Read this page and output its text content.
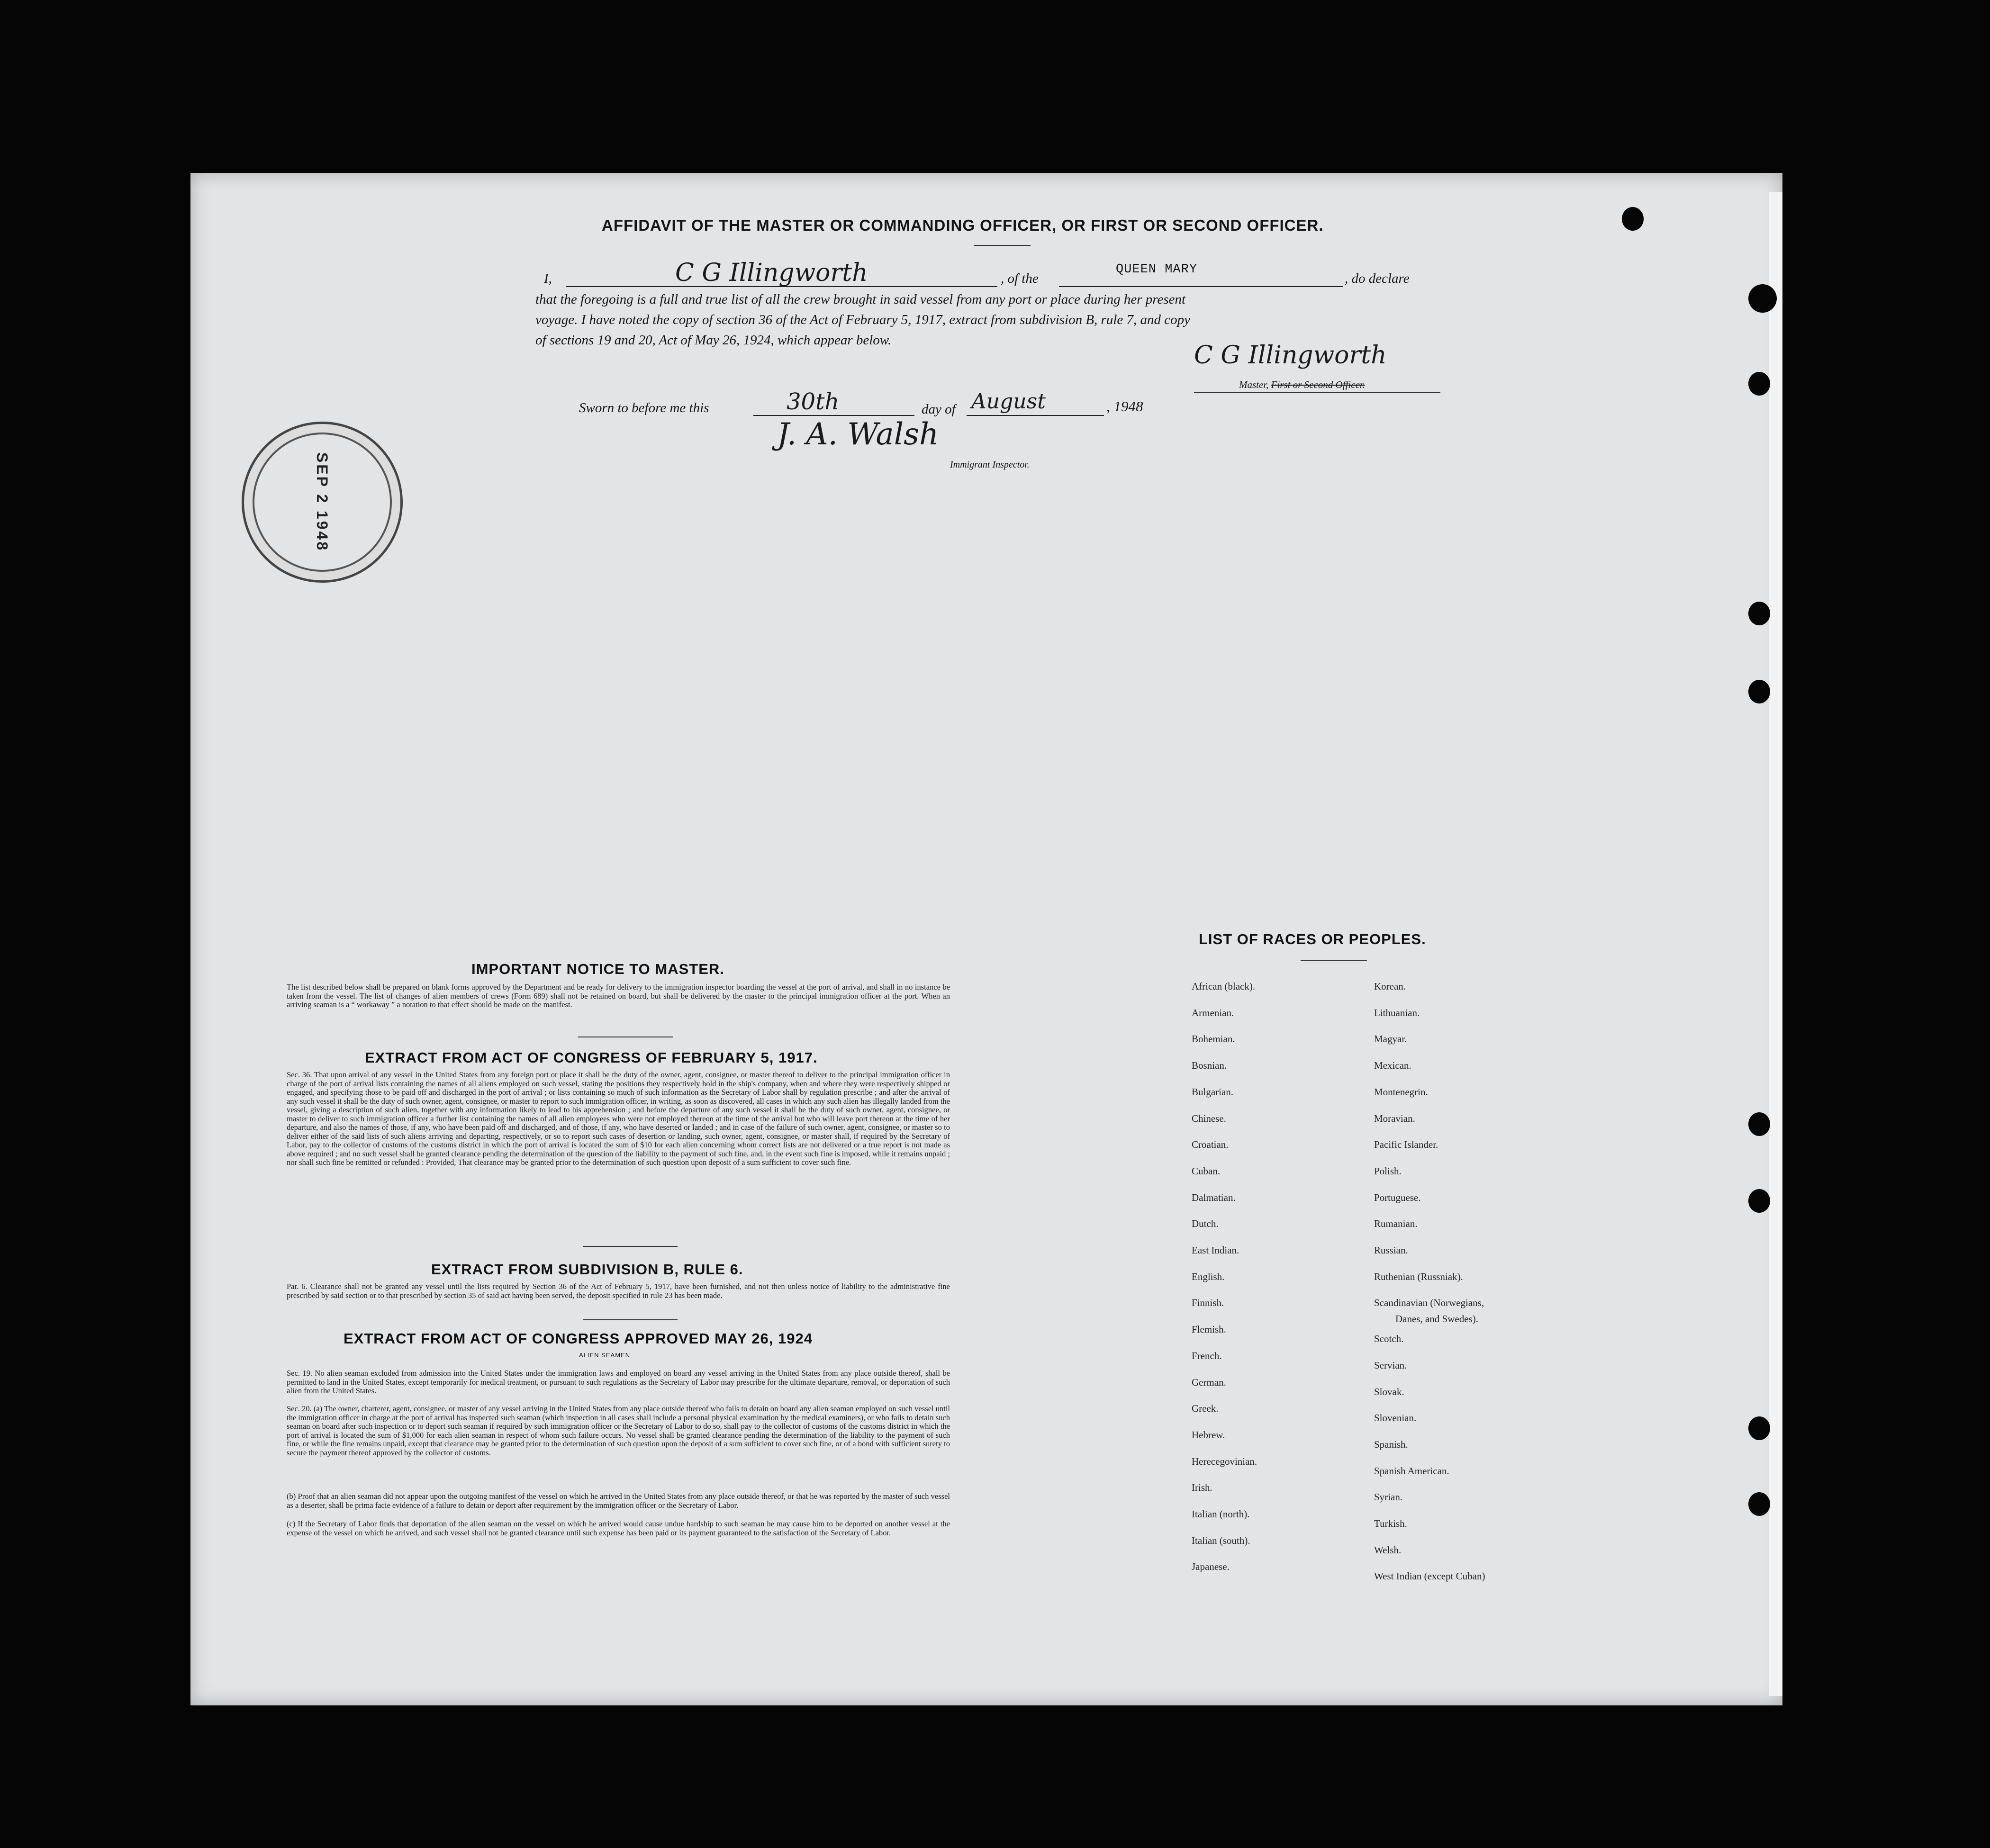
AFFIDAVIT OF THE MASTER OR COMMANDING OFFICER, OR FIRST OR SECOND OFFICER.
I,	C G Illingworth	, of the
QUEEN MARY
, do declare
that the foregoing is a full and true list of all the crew brought in said vessel from any port or place during her present
voyage. I have noted the copy of section 36 of the Act of February 5, 1917, extract from subdivision B, rule 7, and copy
of sections 19 and 20, Act of May 26, 1924, which appear below.
C G Illingworth
Master, First or Second Officer.
Sworn to before me this	30th	day of August	, 1948
J. A. Walsh
Immigrant Inspector.
SEP 2 1948
IMPORTANT NOTICE TO MASTER.
The list described below shall be prepared on blank forms approved by the Department and be ready for delivery to the immigration inspector boarding the vessel at the port of arrival, and shall in no instance be taken from the vessel. The list of changes of alien members of crews (Form 689) shall not be retained on board, but shall be delivered by the master to the principal immigration officer at the port. When an arriving seaman is a “ workaway ” a notation to that effect should be made on the manifest.
EXTRACT FROM ACT OF CONGRESS OF FEBRUARY 5, 1917.
Sec. 36. That upon arrival of any vessel in the United States from any foreign port or place it shall be the duty of the owner, agent, consignee, or master thereof to deliver to the principal immigration officer in charge of the port of arrival lists containing the names of all aliens employed on such vessel, stating the positions they respectively hold in the ship's company, when and where they were respectively shipped or engaged, and specifying those to be paid off and discharged in the port of arrival ; or lists containing so much of such information as the Secretary of Labor shall by regulation prescribe ; and after the arrival of any such vessel it shall be the duty of such owner, agent, consignee, or master to report to such immigration officer, in writing, as soon as discovered, all cases in which any such alien has illegally landed from the vessel, giving a description of such alien, together with any information likely to lead to his apprehension ; and before the departure of any such vessel it shall be the duty of such owner, agent, consignee, or master to deliver to such immigration officer a further list containing the names of all alien employees who were not employed thereon at the time of the arrival but who will leave port thereon at the time of her departure, and also the names of those, if any, who have been paid off and discharged, and of those, if any, who have deserted or landed ; and in case of the failure of such owner, agent, consignee, or master so to deliver either of the said lists of such aliens arriving and departing, respectively, or so to report such cases of desertion or landing, such owner, agent, consignee, or master shall, if required by the Secretary of Labor, pay to the collector of customs of the customs district in which the port of arrival is located the sum of $10 for each alien concerning whom correct lists are not delivered or a true report is not made as above required ; and no such vessel shall be granted clearance pending the determination of the question of the liability to the payment of such fine, and, in the event such fine is imposed, while it remains unpaid ; nor shall such fine be remitted or refunded : Provided, That clearance may be granted prior to the determination of such question upon deposit of a sum sufficient to cover such fine.
EXTRACT FROM SUBDIVISION B, RULE 6.
Par. 6. Clearance shall not be granted any vessel until the lists required by Section 36 of the Act of February 5, 1917, have been furnished, and not then unless notice of liability to the administrative fine prescribed by said section or to that prescribed by section 35 of said act having been served, the deposit specified in rule 23 has been made.
EXTRACT FROM ACT OF CONGRESS APPROVED MAY 26, 1924
ALIEN SEAMEN
Sec. 19. No alien seaman excluded from admission into the United States under the immigration laws and employed on board any vessel arriving in the United States from any place outside thereof, shall be permitted to land in the United States, except temporarily for medical treatment, or pursuant to such regulations as the Secretary of Labor may prescribe for the ultimate departure, removal, or deportation of such alien from the United States.
Sec. 20. (a) The owner, charterer, agent, consignee, or master of any vessel arriving in the United States from any place outside thereof who fails to detain on board any alien seaman employed on such vessel until the immigration officer in charge at the port of arrival has inspected such seaman (which inspection in all cases shall include a personal physical examination by the medical examiners), or who fails to detain such seaman on board after such inspection or to deport such seaman if required by such immigration officer or the Secretary of Labor to do so, shall pay to the collector of customs of the customs district in which the port of arrival is located the sum of $1,000 for each alien seaman in respect of whom such failure occurs. No vessel shall be granted clearance pending the determination of the liability to the payment of such fine, or while the fine remains unpaid, except that clearance may be granted prior to the determination of such question upon the deposit of a sum sufficient to cover such fine, or of a bond with sufficient surety to secure the payment thereof approved by the collector of customs.
(b) Proof that an alien seaman did not appear upon the outgoing manifest of the vessel on which he arrived in the United States from any place outside thereof, or that he was reported by the master of such vessel as a deserter, shall be prima facie evidence of a failure to detain or deport after requirement by the immigration officer or the Secretary of Labor.
(c) If the Secretary of Labor finds that deportation of the alien seaman on the vessel on which he arrived would cause undue hardship to such seaman he may cause him to be deported on another vessel at the expense of the vessel on which he arrived, and such vessel shall not be granted clearance until such expense has been paid or its payment guaranteed to the satisfaction of the Secretary of Labor.
LIST OF RACES OR PEOPLES.
African (black).
Armenian.
Bohemian.
Bosnian.
Bulgarian.
Chinese.
Croatian.
Cuban.
Dalmatian.
Dutch.
East Indian.
English.
Finnish.
Flemish.
French.
German.
Greek.
Hebrew.
Herecegovinian.
Irish.
Italian (north).
Italian (south).
Japanese.
Korean.
Lithuanian.
Magyar.
Mexican.
Montenegrin.
Moravian.
Pacific Islander.
Polish.
Portuguese.
Rumanian.
Russian.
Ruthenian (Russniak).
Scandinavian (Norwegians,
Scotch.
Servian.
Slovak.
Slovenian.
Spanish.
Spanish American.
Syrian.
Turkish.
Welsh.
West Indian (except Cuban)
Danes, and Swedes).
